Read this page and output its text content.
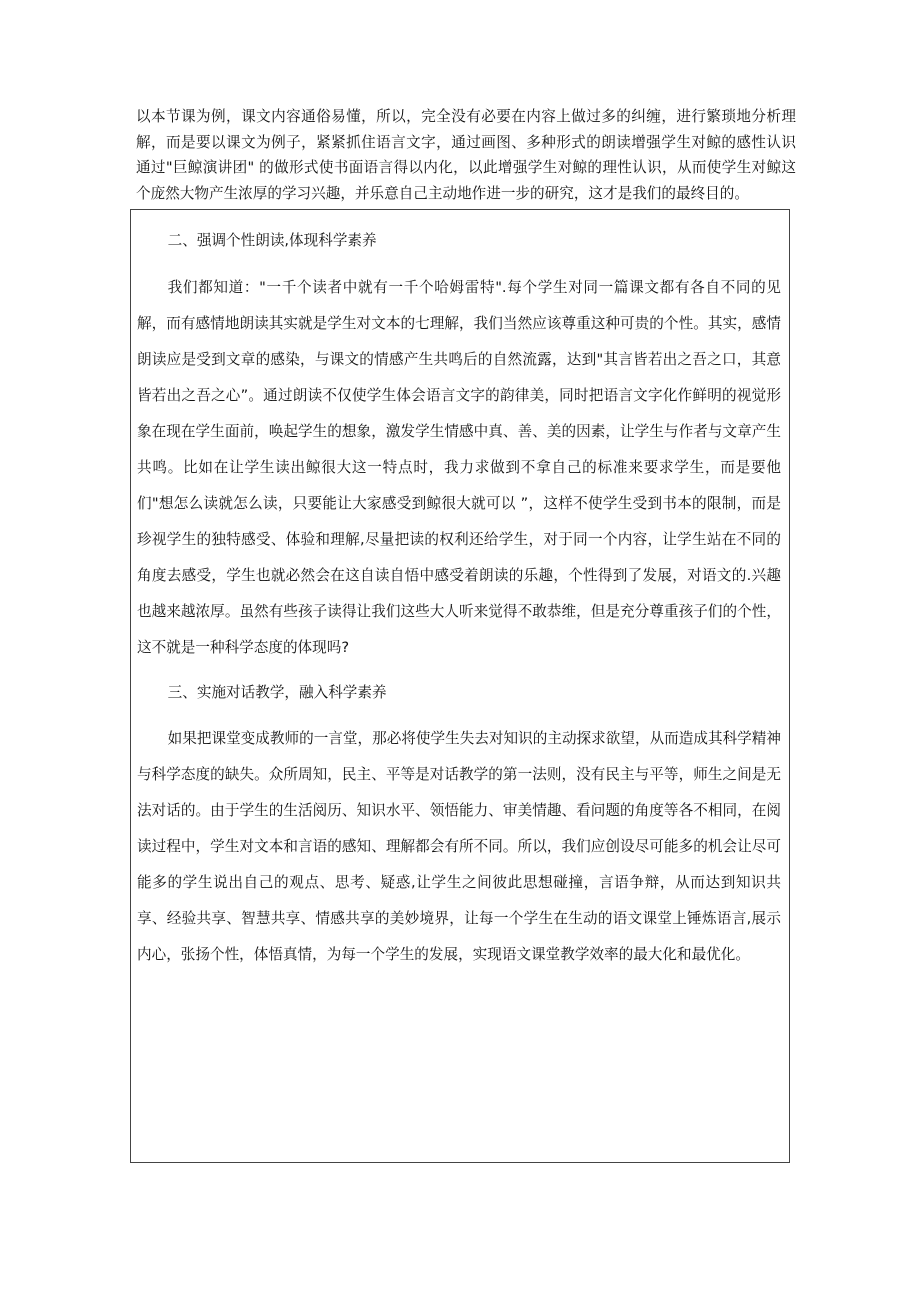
以本节课为例，课文内容通俗易懂，所以，完全没有必要在内容上做过多的纠缠，进行繁琐地分析理解，而是要以课文为例子，紧紧抓住语言文字，通过画图、多种形式的朗读增强学生对鲸的感性认识 通过"巨鲸演讲团" 的做形式使书面语言得以内化，以此增强学生对鲸的理性认识，从而使学生对鲸这个庞然大物产生浓厚的学习兴趣，并乐意自己主动地作进一步的研究，这才是我们的最终目的。

二、强调个性朗读,体现科学素养

我们都知道："一千个读者中就有一千个哈姆雷特".每个学生对同一篇课文都有各自不同的见解，而有感情地朗读其实就是学生对文本的七理解，我们当然应该尊重这种可贵的个性。其实，感情朗读应是受到文章的感染，与课文的情感产生共鸣后的自然流露，达到"其言皆若出之吾之口，其意皆若出之吾之心”。通过朗读不仅使学生体会语言文字的韵律美，同时把语言文字化作鲜明的视觉形象在现在学生面前，唤起学生的想象，激发学生情感中真、善、美的因素，让学生与作者与文章产生共鸣。比如在让学生读出鲸很大这一特点时，我力求做到不拿自己的标准来要求学生，而是要他们"想怎么读就怎么读，只要能让大家感受到鲸很大就可以 ”，这样不使学生受到书本的限制，而是珍视学生的独特感受、体验和理解,尽量把读的权利还给学生，对于同一个内容，让学生站在不同的角度去感受，学生也就必然会在这自读自悟中感受着朗读的乐趣，个性得到了发展，对语文的.兴趣也越来越浓厚。虽然有些孩子读得让我们这些大人听来觉得不敢恭维，但是充分尊重孩子们的个性，这不就是一种科学态度的体现吗?

三、实施对话教学，融入科学素养

如果把课堂变成教师的一言堂，那必将使学生失去对知识的主动探求欲望，从而造成其科学精神与科学态度的缺失。众所周知，民主、平等是对话教学的第一法则，没有民主与平等，师生之间是无法对话的。由于学生的生活阅历、知识水平、领悟能力、审美情趣、看问题的角度等各不相同，在阅读过程中，学生对文本和言语的感知、理解都会有所不同。所以，我们应创设尽可能多的机会让尽可能多的学生说出自己的观点、思考、疑惑,让学生之间彼此思想碰撞，言语争辩，从而达到知识共享、经验共享、智慧共享、情感共享的美妙境界，让每一个学生在生动的语文课堂上锤炼语言,展示内心，张扬个性，体悟真情，为每一个学生的发展，实现语文课堂教学效率的最大化和最优化。
